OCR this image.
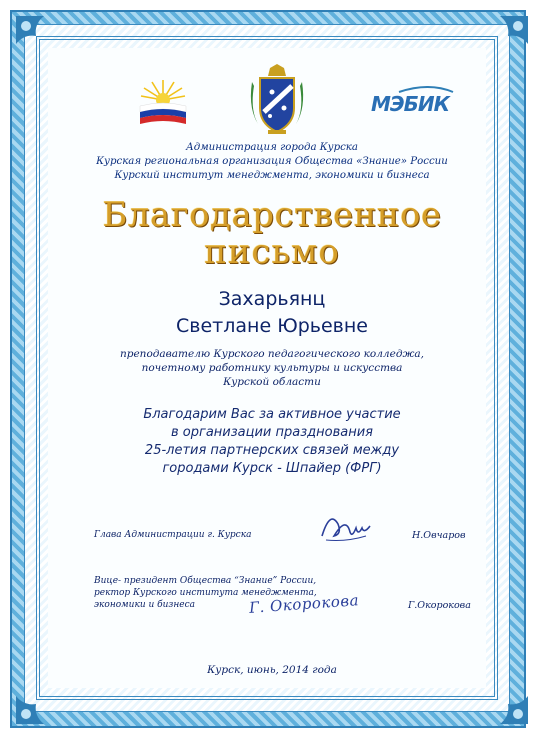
МЭБИК
Администрация города Курска
Курская региональная организация Общества «Знание» России
Курский институт менеджмента, экономики и бизнеса
Благодарственное
письмо
Захарьянц
Светлане Юрьевне
преподавателю Курского педагогического колледжа,
почетному работнику культуры и искусства
Курской области
Благодарим Вас за активное участие
в организации празднования
25-летия партнерских связей между
городами Курск - Шпайер (ФРГ)
Глава Администрации г. Курска	Н.Овчаров
Вице- президент Общества “Знание” России,
ректор Курского института менеджмента,
экономики и бизнеса	Г. Окорокова	Г.Окорокова
Курск, июнь, 2014 года
